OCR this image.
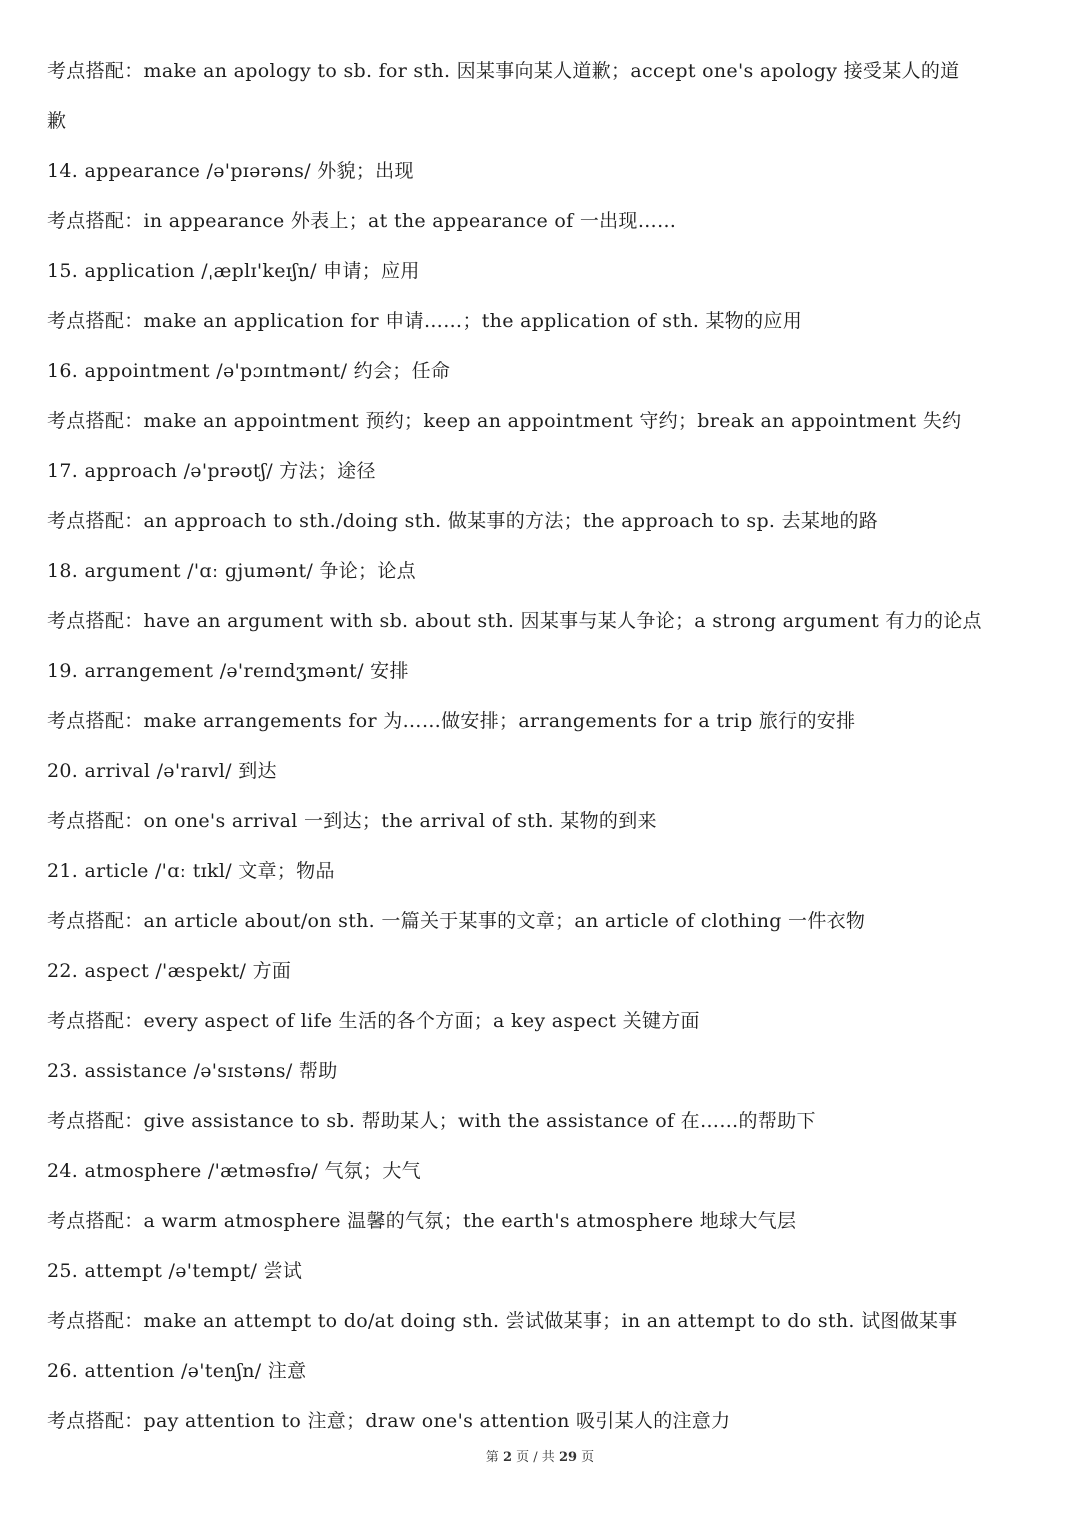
考点搭配：make an apology to sb. for sth. 因某事向某人道歉；accept one's apology 接受某人的道
歉
14. appearance /ə'pɪərəns/ 外貌；出现
考点搭配：in appearance 外表上；at the appearance of 一出现……
15. application /ˌæplɪ'keɪʃn/ 申请；应用
考点搭配：make an application for 申请……；the application of sth. 某物的应用
16. appointment /ə'pɔɪntmənt/ 约会；任命
考点搭配：make an appointment 预约；keep an appointment 守约；break an appointment 失约
17. approach /ə'prəʊtʃ/ 方法；途径
考点搭配：an approach to sth./doing sth. 做某事的方法；the approach to sp. 去某地的路
18. argument /'ɑː gjumənt/ 争论；论点
考点搭配：have an argument with sb. about sth. 因某事与某人争论；a strong argument 有力的论点
19. arrangement /ə'reɪndʒmənt/ 安排
考点搭配：make arrangements for 为……做安排；arrangements for a trip 旅行的安排
20. arrival /ə'raɪvl/ 到达
考点搭配：on one's arrival 一到达；the arrival of sth. 某物的到来
21. article /'ɑː tɪkl/ 文章；物品
考点搭配：an article about/on sth. 一篇关于某事的文章；an article of clothing 一件衣物
22. aspect /'æspekt/ 方面
考点搭配：every aspect of life 生活的各个方面；a key aspect 关键方面
23. assistance /ə'sɪstəns/ 帮助
考点搭配：give assistance to sb. 帮助某人；with the assistance of 在……的帮助下
24. atmosphere /'ætməsfɪə/ 气氛；大气
考点搭配：a warm atmosphere 温馨的气氛；the earth's atmosphere 地球大气层
25. attempt /ə'tempt/ 尝试
考点搭配：make an attempt to do/at doing sth. 尝试做某事；in an attempt to do sth. 试图做某事
26. attention /ə'tenʃn/ 注意
考点搭配：pay attention to 注意；draw one's attention 吸引某人的注意力
第 2 页 / 共 29 页
